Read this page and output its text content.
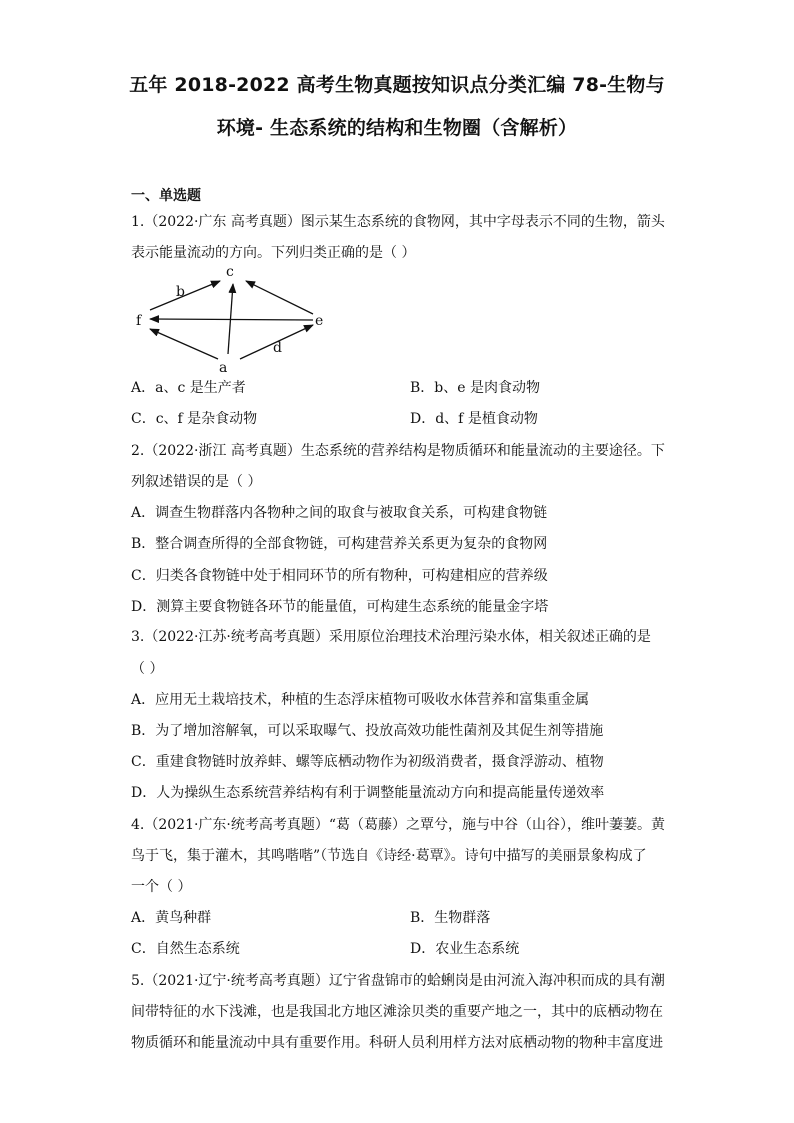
五年 2018-2022 高考生物真题按知识点分类汇编 78-生物与
环境- 生态系统的结构和生物圈（含解析）
一、单选题
1.（2022·广东 高考真题）图示某生态系统的食物网，其中字母表示不同的生物，箭头
表示能量流动的方向。下列归类正确的是（ ）
c
b
f	e
d
a
A．a、c 是生产者	B．b、e 是肉食动物
C．c、f 是杂食动物	D．d、f 是植食动物
2.（2022·浙江 高考真题）生态系统的营养结构是物质循环和能量流动的主要途径。下
列叙述错误的是（ ）
A．调查生物群落内各物种之间的取食与被取食关系，可构建食物链
B．整合调查所得的全部食物链，可构建营养关系更为复杂的食物网
C．归类各食物链中处于相同环节的所有物种，可构建相应的营养级
D．测算主要食物链各环节的能量值，可构建生态系统的能量金字塔
3.（2022·江苏·统考高考真题）采用原位治理技术治理污染水体，相关叙述正确的是
（ ）
A．应用无土栽培技术，种植的生态浮床植物可吸收水体营养和富集重金属
B．为了增加溶解氧，可以采取曝气、投放高效功能性菌剂及其促生剂等措施
C．重建食物链时放养蚌、螺等底栖动物作为初级消费者，摄食浮游动、植物
D．人为操纵生态系统营养结构有利于调整能量流动方向和提高能量传递效率
4.（2021·广东·统考高考真题）“葛（葛藤）之覃兮，施与中谷（山谷），维叶萋萋。黄
鸟于飞，集于灌木，其鸣喈喈”（节选自《诗经·葛覃》。诗句中描写的美丽景象构成了
一个（ ）
A．黄鸟种群	B．生物群落
C．自然生态系统	D．农业生态系统
5.（2021·辽宁·统考高考真题）辽宁省盘锦市的蛤蜊岗是由河流入海冲积而成的具有潮
间带特征的水下浅滩，也是我国北方地区滩涂贝类的重要产地之一，其中的底栖动物在
物质循环和能量流动中具有重要作用。科研人员利用样方法对底栖动物的物种丰富度进
